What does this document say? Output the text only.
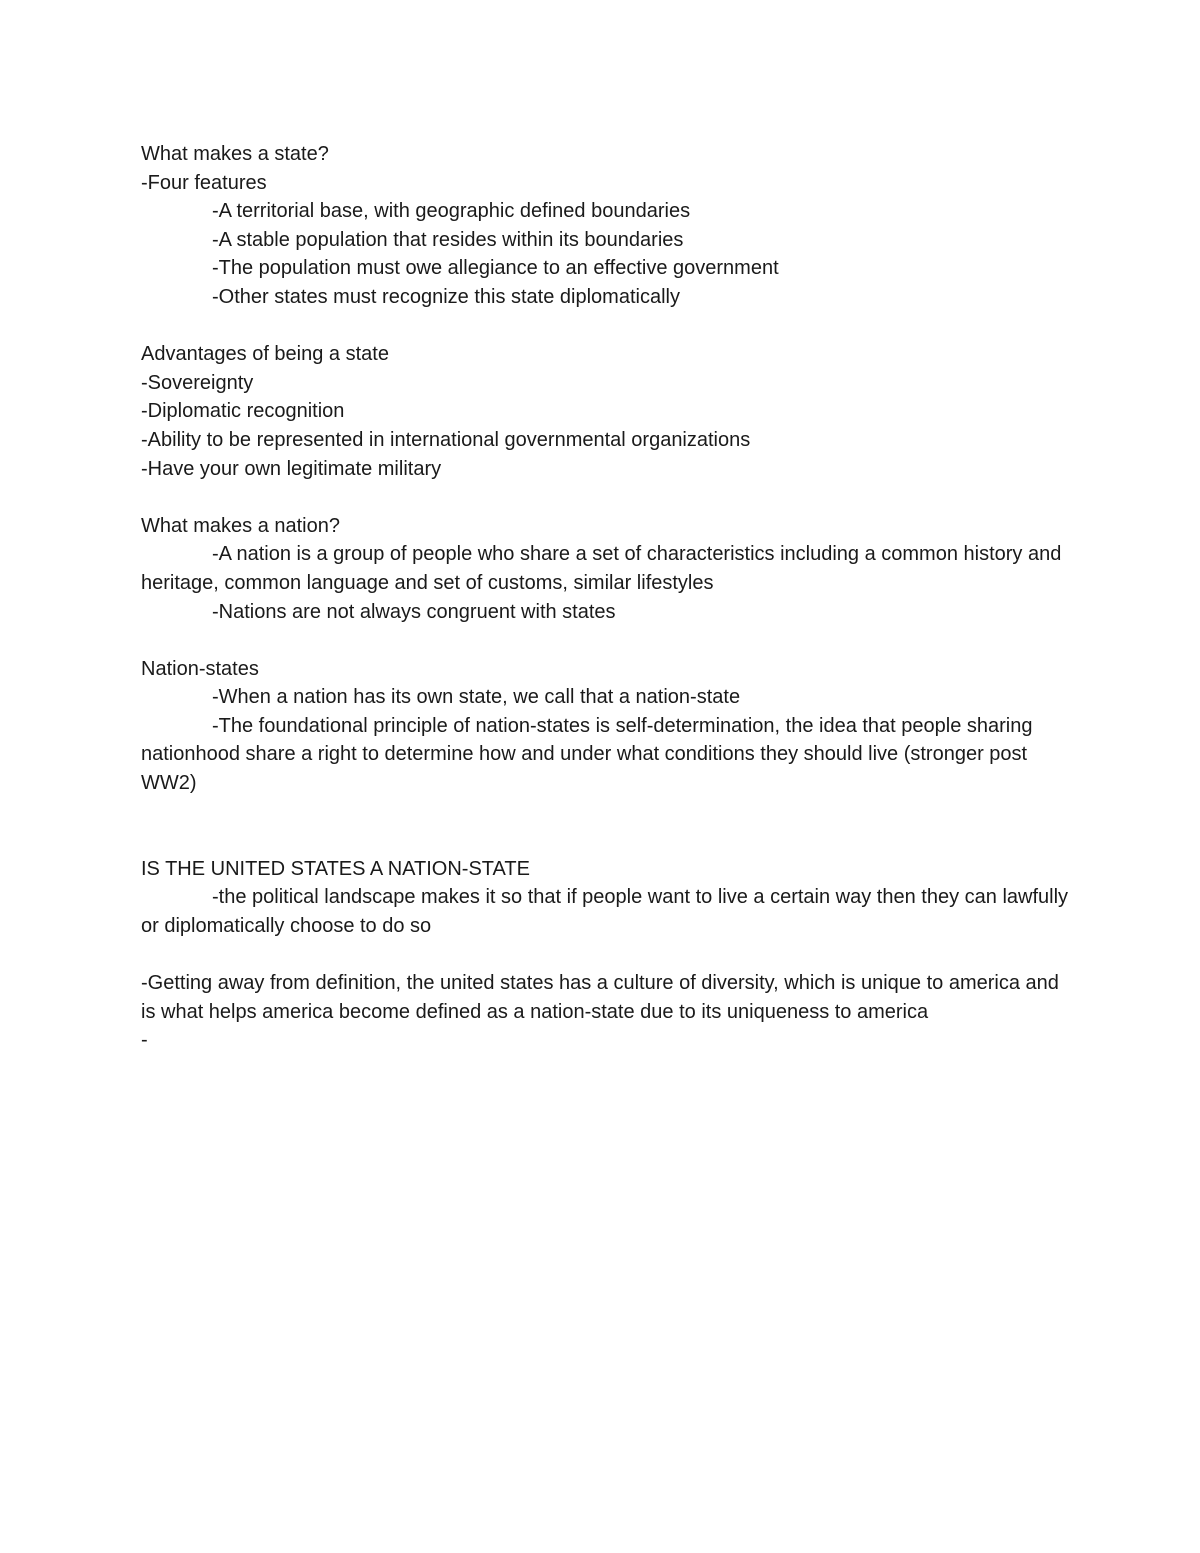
What makes a state?

-Four features

-A territorial base, with geographic defined boundaries

-A stable population that resides within its boundaries

-The population must owe allegiance to an effective government

-Other states must recognize this state diplomatically

Advantages of being a state

-Sovereignty

-Diplomatic recognition

-Ability to be represented in international governmental organizations

-Have your own legitimate military

What makes a nation?

-A nation is a group of people who share a set of characteristics including a common history and heritage, common language and set of customs, similar lifestyles

-Nations are not always congruent with states

Nation-states

-When a nation has its own state, we call that a nation-state

-The foundational principle of nation-states is self-determination, the idea that people sharing nationhood share a right to determine how and under what conditions they should live (stronger post WW2)

IS THE UNITED STATES A NATION-STATE

-the political landscape makes it so that if people want to live a certain way then they can lawfully or diplomatically choose to do so

-Getting away from definition, the united states has a culture of diversity, which is unique to america and is what helps america become defined as a nation-state due to its uniqueness to america

-
